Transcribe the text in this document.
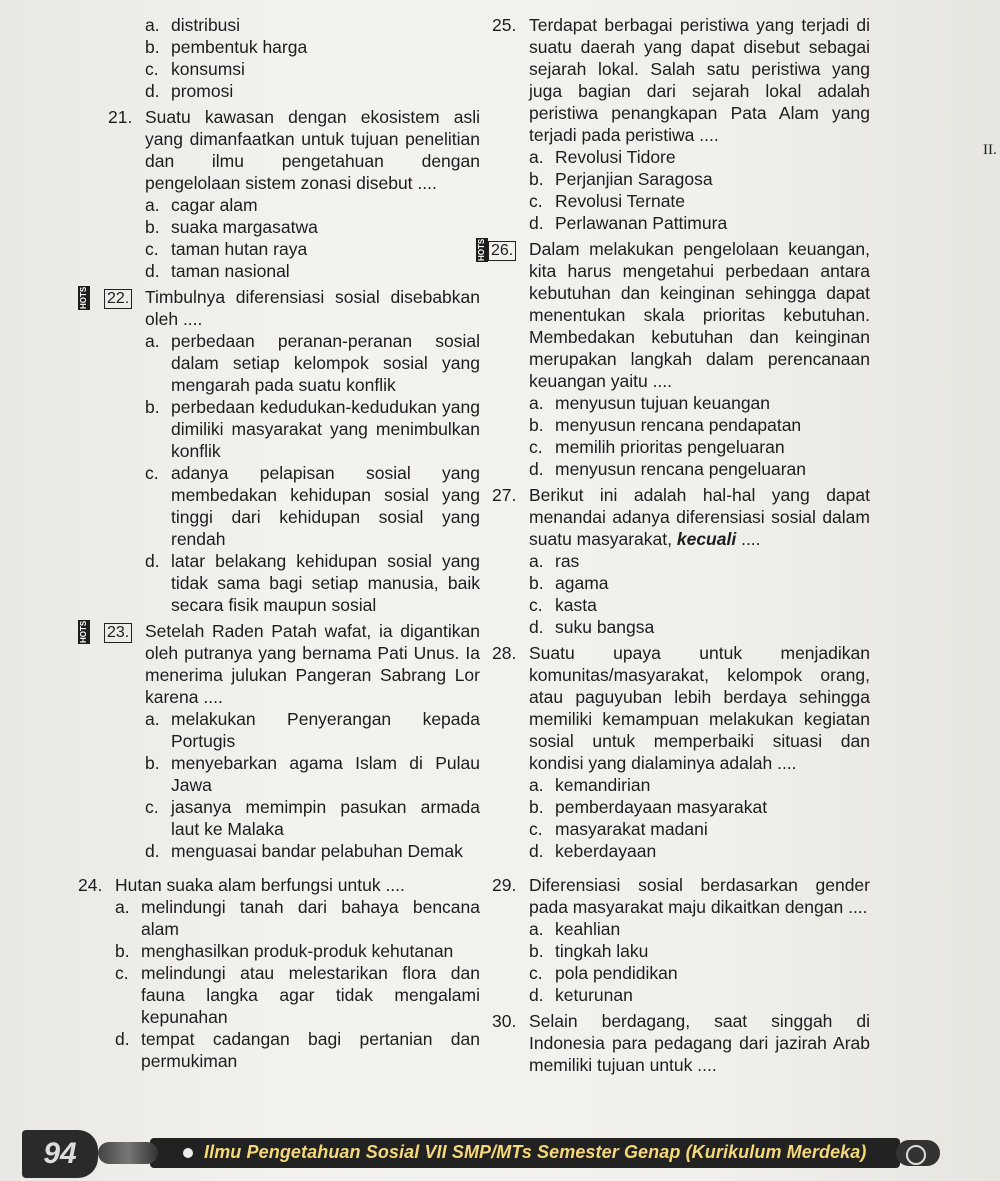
a. distribusi
b. pembentuk harga
c. konsumsi
d. promosi
21. Suatu kawasan dengan ekosistem asli yang dimanfaatkan untuk tujuan penelitian dan ilmu pengetahuan dengan pengelolaan sistem zonasi disebut ....
a. cagar alam
b. suaka margasatwa
c. taman hutan raya
d. taman nasional
HOTS 22. Timbulnya diferensiasi sosial disebabkan oleh ....
a. perbedaan peranan-peranan sosial dalam setiap kelompok sosial yang mengarah pada suatu konflik
b. perbedaan kedudukan-kedudukan yang dimiliki masyarakat yang menimbulkan konflik
c. adanya pelapisan sosial yang membedakan kehidupan sosial yang tinggi dari kehidupan sosial yang rendah
d. latar belakang kehidupan sosial yang tidak sama bagi setiap manusia, baik secara fisik maupun sosial
HOTS 23. Setelah Raden Patah wafat, ia digantikan oleh putranya yang bernama Pati Unus. Ia menerima julukan Pangeran Sabrang Lor karena ....
a. melakukan Penyerangan kepada Portugis
b. menyebarkan agama Islam di Pulau Jawa
c. jasanya memimpin pasukan armada laut ke Malaka
d. menguasai bandar pelabuhan Demak
24. Hutan suaka alam berfungsi untuk ....
a. melindungi tanah dari bahaya bencana alam
b. menghasilkan produk-produk kehutanan
c. melindungi atau melestarikan flora dan fauna langka agar tidak mengalami kepunahan
d. tempat cadangan bagi pertanian dan permukiman
25. Terdapat berbagai peristiwa yang terjadi di suatu daerah yang dapat disebut sebagai sejarah lokal. Salah satu peristiwa yang juga bagian dari sejarah lokal adalah peristiwa penangkapan Pata Alam yang terjadi pada peristiwa ....
a. Revolusi Tidore
b. Perjanjian Saragosa
c. Revolusi Ternate
d. Perlawanan Pattimura
HOTS 26. Dalam melakukan pengelolaan keuangan, kita harus mengetahui perbedaan antara kebutuhan dan keinginan sehingga dapat menentukan skala prioritas kebutuhan. Membedakan kebutuhan dan keinginan merupakan langkah dalam perencanaan keuangan yaitu ....
a. menyusun tujuan keuangan
b. menyusun rencana pendapatan
c. memilih prioritas pengeluaran
d. menyusun rencana pengeluaran
27. Berikut ini adalah hal-hal yang dapat menandai adanya diferensiasi sosial dalam suatu masyarakat, kecuali ....
a. ras
b. agama
c. kasta
d. suku bangsa
28. Suatu upaya untuk menjadikan komunitas/masyarakat, kelompok orang, atau paguyuban lebih berdaya sehingga memiliki kemampuan melakukan kegiatan sosial untuk memperbaiki situasi dan kondisi yang dialaminya adalah ....
a. kemandirian
b. pemberdayaan masyarakat
c. masyarakat madani
d. keberdayaan
29. Diferensiasi sosial berdasarkan gender pada masyarakat maju dikaitkan dengan ....
a. keahlian
b. tingkah laku
c. pola pendidikan
d. keturunan
30. Selain berdagang, saat singgah di Indonesia para pedagang dari jazirah Arab memiliki tujuan untuk ....
II.
94	Ilmu Pengetahuan Sosial VII SMP/MTs Semester Genap (Kurikulum Merdeka)
